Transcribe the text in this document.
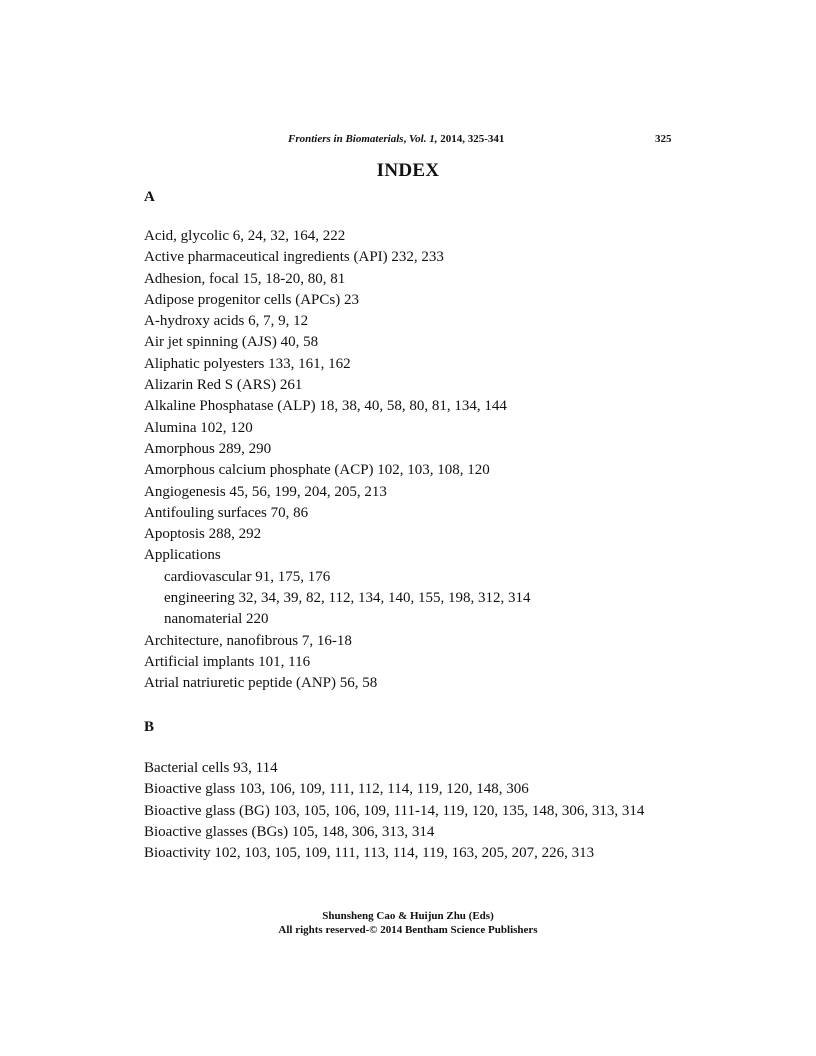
Frontiers in Biomaterials, Vol. 1, 2014, 325-341	325
INDEX
A
Acid, glycolic 6, 24, 32, 164, 222
Active pharmaceutical ingredients (API) 232, 233
Adhesion, focal 15, 18-20, 80, 81
Adipose progenitor cells (APCs) 23
A-hydroxy acids 6, 7, 9, 12
Air jet spinning (AJS) 40, 58
Aliphatic polyesters 133, 161, 162
Alizarin Red S (ARS) 261
Alkaline Phosphatase (ALP) 18, 38, 40, 58, 80, 81, 134, 144
Alumina 102, 120
Amorphous 289, 290
Amorphous calcium phosphate (ACP) 102, 103, 108, 120
Angiogenesis 45, 56, 199, 204, 205, 213
Antifouling surfaces 70, 86
Apoptosis 288, 292
Applications
cardiovascular 91, 175, 176
engineering 32, 34, 39, 82, 112, 134, 140, 155, 198, 312, 314
nanomaterial 220
Architecture, nanofibrous 7, 16-18
Artificial implants 101, 116
Atrial natriuretic peptide (ANP) 56, 58
B
Bacterial cells 93, 114
Bioactive glass 103, 106, 109, 111, 112, 114, 119, 120, 148, 306
Bioactive glass (BG) 103, 105, 106, 109, 111-14, 119, 120, 135, 148, 306, 313, 314
Bioactive glasses (BGs) 105, 148, 306, 313, 314
Bioactivity 102, 103, 105, 109, 111, 113, 114, 119, 163, 205, 207, 226, 313
Shunsheng Cao & Huijun Zhu (Eds)
All rights reserved-© 2014 Bentham Science Publishers
